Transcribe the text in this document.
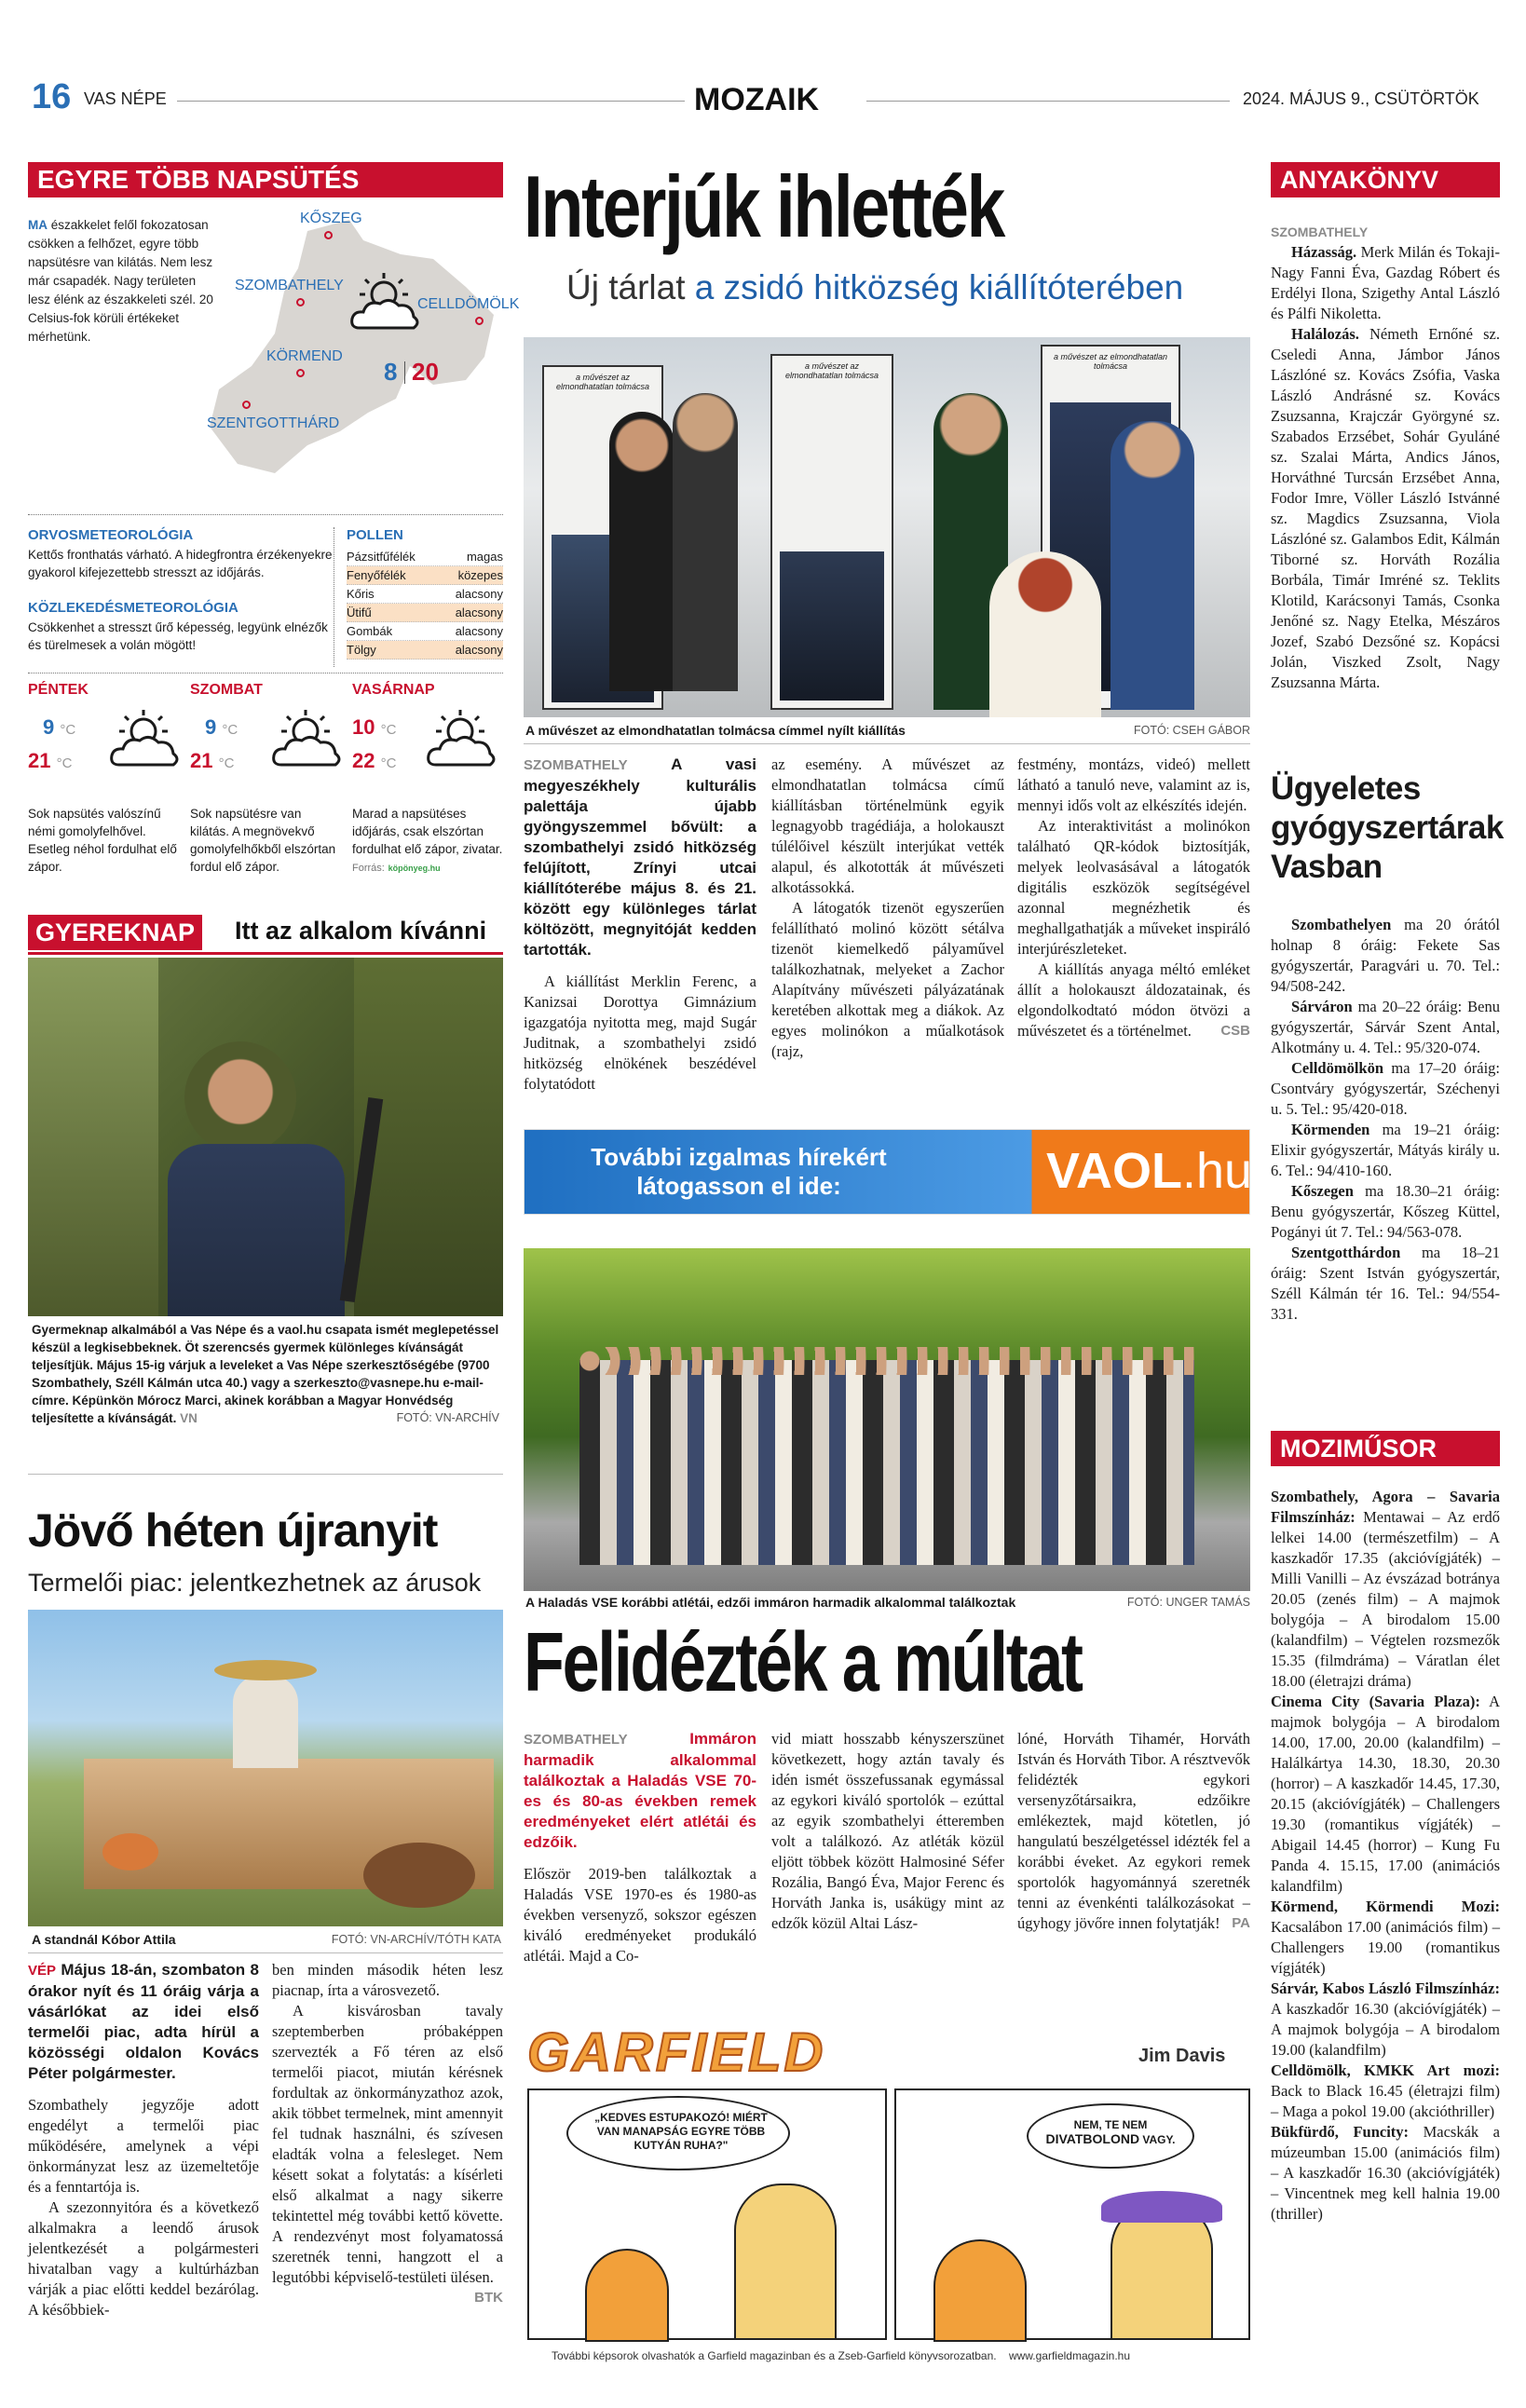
16 VAS NÉPE	MOZAIK	2024. MÁJUS 9., CSÜTÖRTÖK
EGYRE TÖBB NAPSÜTÉS
MA északkelet felől fokozatosan csökken a felhőzet, egyre több napsütésre van kilátás. Nem lesz már csapadék. Nagy területen lesz élénk az északkeleti szél. 20 Celsius-fok körüli értékeket mérhetünk.
KŐSZEG
SZOMBATHELY
CELLDÖMÖLK
KÖRMEND
SZENTGOTTHÁRD
8 20
ORVOSMETEOROLÓGIA
Kettős fronthatás várható. A hidegfrontra érzékenyekre gyakorol kifejezettebb stresszt az időjárás.
KÖZLEKEDÉSMETEOROLÓGIA
Csökkenhet a stresszt űrő képesség, legyünk elnézők és türelmesek a volán mögött!
POLLEN
Pázsitfűfélék	magas
Fenyőfélék	közepes
Kőris	alacsony
Ütifű	alacsony
Gombák	alacsony
Tölgy	alacsony
PÉNTEK
9 °C
21 °C
Sok napsütés valószínű némi gomolyfelhővel. Esetleg néhol fordulhat elő zápor.
SZOMBAT
9 °C
21 °C
Sok napsütésre van kilátás. A megnövekvő gomolyfelhőkből elszórtan fordul elő zápor.
VASÁRNAP
10 °C
22 °C
Marad a napsütéses időjárás, csak elszórtan fordulhat elő zápor, zivatar. Forrás: köpönyeg.hu
GYEREKNAP Itt az alkalom kívánni
Gyermeknap alkalmából a Vas Népe és a vaol.hu csapata ismét meglepetéssel készül a legkisebbeknek. Öt szerencsés gyermek különleges kívánságát teljesítjük. Május 15-ig várjuk a leveleket a Vas Népe szerkesztőségébe (9700 Szombathely, Széll Kálmán utca 40.) vagy a szerkeszto@vasnepe.hu e-mail-címre. Képünkön Mórocz Marci, akinek korábban a Magyar Honvédség teljesítette a kívánságát. VN	FOTÓ: VN-ARCHÍV
Jövő héten újranyit
Termelői piac: jelentkezhetnek az árusok
A standnál Kóbor Attila	FOTÓ: VN-ARCHÍV/TÓTH KATA

VÉP Május 18-án, szombaton 8 órakor nyít és 11 óráig várja a vásárlókat az idei első termelői piac, adta hírül a közösségi oldalon Kovács Péter polgármester.

Szombathely jegyzője adott engedélyt a termelői piac működésére, amelynek a vépi önkormányzat lesz az üzemeltetője és a fenntartója is.

A szezonnyitóra és a következő alkalmakra a leendő árusok jelentkezését a polgármesteri hivatalban vagy a kultúrházban várják a piac előtti keddel bezárólag. A későbbiek-

ben minden második héten lesz piacnap, írta a városvezető.

A kisvárosban tavaly szeptemberben próbaképpen szervezték a Fő téren az első termelői piacot, miután kérésnek fordultak az önkormányzathoz azok, akik többet termelnek, mint amennyit fel tudnak használni, és szívesen eladták volna a felesleget. Nem késett sokat a folytatás: a kísérleti első alkalmat a nagy sikerre tekintettel még további kettő követte. A rendezvényt most folyamatossá szeretnék tenni, hangzott el a legutóbbi képviselő-testületi ülésen.

BTK
Interjúk ihlették
Új tárlat a zsidó hitközség kiállítóterében
a művészet az elmondhatatlan tolmácsa
a művészet az elmondhatatlan tolmácsa
a művészet az elmondhatatlan tolmácsa
A művészet az elmondhatatlan tolmácsa címmel nyílt kiállítás	FOTÓ: CSEH GÁBOR

SZOMBATHELY	A vasi megyeszékhely kulturális palettája újabb gyöngyszemmel bővült: a szombathelyi zsidó hitközség felújított, Zrínyi utcai kiállítóterébe május 8. és 21. között egy különleges tárlat költözött, megnyitóját kedden tartották.

A kiállítást Merklin Ferenc, a Kanizsai Dorottya Gimnázium igazgatója nyitotta meg, majd Sugár Juditnak, a szombathelyi zsidó hitközség elnökének beszédével folytatódott

az esemény. A művészet az elmondhatatlan tolmácsa című kiállításban történelmünk egyik legnagyobb tragédiája, a holokauszt túlélőivel készült interjúkat vették alapul, és alkotották át művészeti alkotássokká.

A látogatók tizenöt egyszerűen felállítható molinó között sétálva tizenöt kiemelkedő pályaművel találkozhatnak, melyeket a Zachor Alapítvány művészeti pályázatának keretében alkottak meg a diákok. Az egyes molinókon a műalkotások (rajz,

festmény, montázs, videó) mellett látható a tanuló neve, valamint az is, mennyi idős volt az elkészítés idején.

Az interaktivitást a molinókon található QR-kódok biztosítják, melyek leolvasásával a látogatók digitális eszközök segítségével azonnal megnézhetik és meghallgathatják a műveket inspiráló interjúrészleteket.

A kiállítás anyaga méltó emléket állít a holokauszt áldozatainak, és elgondolkodtató módon ötvözi a művészetet és a történelmet.	CSB
További izgalmas hírekért
látogasson el ide:	VAOL.hu
A Haladás VSE korábbi atlétái, edzői immáron harmadik alkalommal találkoztak	FOTÓ: UNGER TAMÁS
Felidézték a múltat

SZOMBATHELY	Immáron harmadik alkalommal találkoztak a Haladás VSE 70-es és 80-as években remek eredményeket elért atlétái és edzőik.

Először 2019-ben találkoztak a Haladás VSE 1970-es és 1980-as években versenyző, sokszor egészen kiváló eredményeket produkáló atlétái. Majd a Co-

vid miatt hosszabb kényszerszünet következett, hogy aztán tavaly és idén ismét összefussanak egymással az egykori kiváló sportolók – ezúttal az egyik szombathelyi étteremben volt a találkozó. Az atléták közül eljött többek között Halmosiné Séfer Rozália, Bangó Éva, Major Ferenc és Horváth Janka is, usákügy mint az edzők közül Altai Lász-

lóné, Horváth Tihamér, Horváth István és Horváth Tibor. A résztvevők felidézték egykori versenyzőtársaikra, edzőikre emlékeztek, majd kötetlen, jó hangulatú beszélgetéssel idézték fel a korábbi éveket. Az egykori remek sportolók hagyománnyá szeretnék tenni az évenkénti találkozásokat – úgyhogy jövőre innen folytatják! PA
GARFIELD	Jim Davis
„KEDVES ESTUPAKOZÓ! MIÉRT VAN MANAPSÁG EGYRE TÖBB KUTYÁN RUHA?"
NEM, TE NEM DIVATBOLOND VAGY.
További képsorok olvashatók a Garfield magazinban és a Zseb-Garfield könyvsorozatban. www.garfieldmagazin.hu
ANYAKÖNYV
SZOMBATHELY

Házasság. Merk Milán és Tokaji-Nagy Fanni Éva, Gazdag Róbert és Erdélyi Ilona, Szigethy Antal László és Pálfi Nikoletta.

Halálozás. Németh Ernőné sz. Cseledi Anna, Jámbor János Lászlóné sz. Kovács Zsófia, Vaska László Andrásné sz. Kovács Zsuzsanna, Krajczár Györgyné sz. Szabados Erzsébet, Sohár Gyuláné sz. Szalai Márta, Andics János, Horváthné Turcsán Erzsébet Anna, Fodor Imre, Völler László Istvánné sz. Magdics Zsuzsanna, Viola Lászlóné sz. Galambos Edit, Kálmán Tiborné sz. Horváth Rozália Borbála, Timár Imréné sz. Teklits Klotild, Karácsonyi Tamás, Csonka Jenőné sz. Nagy Etelka, Mészáros Jozef, Szabó Dezsőné sz. Kopácsi Jolán, Viszked Zsolt, Nagy Zsuzsanna Márta.

Ügyeletes gyógyszertárak Vasban

Szombathelyen ma 20 órától holnap 8 óráig: Fekete Sas gyógyszertár, Paragvári u. 70. Tel.: 94/508-242.

Sárváron ma 20–22 óráig: Benu gyógyszertár, Sárvár Szent Antal, Alkotmány u. 4. Tel.: 95/320-074.

Celldömölkön ma 17–20 óráig: Csontváry gyógyszertár, Széchenyi u. 5. Tel.: 95/420-018.

Körmenden ma 19–21 óráig: Elixir gyógyszertár, Mátyás király u. 6. Tel.: 94/410-160.

Kőszegen ma 18.30–21 óráig: Benu gyógyszertár, Kőszeg Küttel, Pogányi út 7. Tel.: 94/563-078.

Szentgotthárdon ma 18–21 óráig: Szent István gyógyszertár, Széll Kálmán tér 16. Tel.: 94/554-331.

MOZIMŰSOR

Szombathely, Agora – Savaria Filmszínház: Mentawai – Az erdő lelkei 14.00 (természetfilm) – A kaszkadőr 17.35 (akcióvígjáték) – Milli Vanilli – Az évszázad botránya 20.05 (zenés film) – A majmok bolygója – A birodalom 15.00 (kalandfilm) – Végtelen rozsmezők 15.35 (filmdráma) – Váratlan élet 18.00 (életrajzi dráma)

Cinema City (Savaria Plaza): A majmok bolygója – A birodalom 14.00, 17.00, 20.00 (kalandfilm) – Halálkártya 14.30, 18.30, 20.30 (horror) – A kaszkadőr 14.45, 17.30, 20.15 (akcióvígjáték) – Challengers 19.30 (romantikus vígjáték) – Abigail 14.45 (horror) – Kung Fu Panda 4. 15.15, 17.00 (animációs kalandfilm)

Körmend, Körmendi Mozi: Kacsalábon 17.00 (animációs film) – Challengers 19.00 (romantikus vígjáték)

Sárvár, Kabos László Filmszínház: A kaszkadőr 16.30 (akcióvígjáték) – A majmok bolygója – A birodalom 19.00 (kalandfilm)

Celldömölk, KMKK Art mozi: Back to Black 16.45 (életrajzi film) – Maga a pokol 19.00 (akcióthriller)

Bükfürdő, Funcity: Macskák a múzeumban 15.00 (animációs film) – A kaszkadőr 16.30 (akcióvígjáték) – Vincentnek meg kell halnia 19.00 (thriller)
